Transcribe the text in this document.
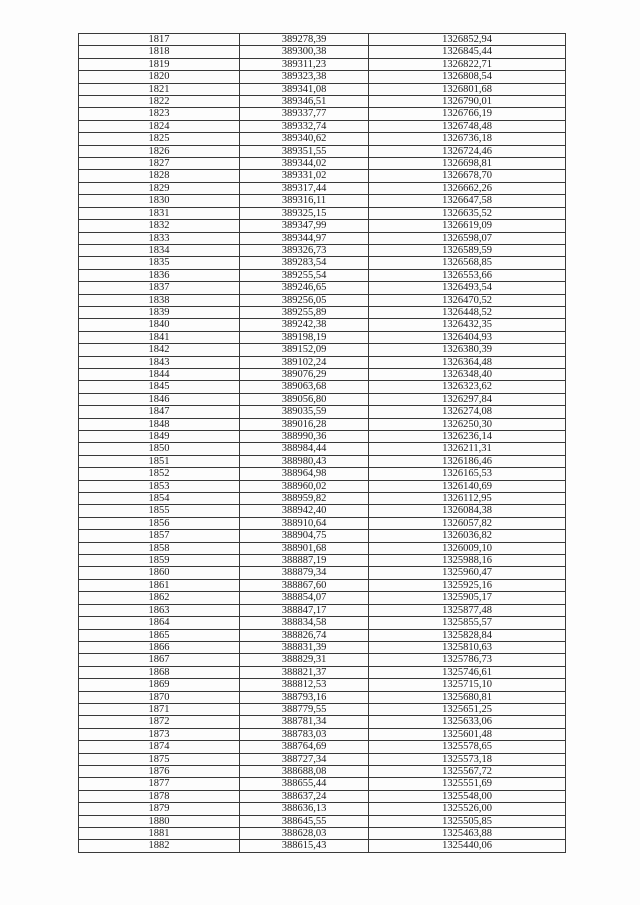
1817	389278,39	1326852,94
1818	389300,38	1326845,44
1819	389311,23	1326822,71
1820	389323,38	1326808,54
1821	389341,08	1326801,68
1822	389346,51	1326790,01
1823	389337,77	1326766,19
1824	389332,74	1326748,48
1825	389340,62	1326736,18
1826	389351,55	1326724,46
1827	389344,02	1326698,81
1828	389331,02	1326678,70
1829	389317,44	1326662,26
1830	389316,11	1326647,58
1831	389325,15	1326635,52
1832	389347,99	1326619,09
1833	389344,97	1326598,07
1834	389326,73	1326589,59
1835	389283,54	1326568,85
1836	389255,54	1326553,66
1837	389246,65	1326493,54
1838	389256,05	1326470,52
1839	389255,89	1326448,52
1840	389242,38	1326432,35
1841	389198,19	1326404,93
1842	389152,09	1326380,39
1843	389102,24	1326364,48
1844	389076,29	1326348,40
1845	389063,68	1326323,62
1846	389056,80	1326297,84
1847	389035,59	1326274,08
1848	389016,28	1326250,30
1849	388990,36	1326236,14
1850	388984,44	1326211,31
1851	388980,43	1326186,46
1852	388964,98	1326165,53
1853	388960,02	1326140,69
1854	388959,82	1326112,95
1855	388942,40	1326084,38
1856	388910,64	1326057,82
1857	388904,75	1326036,82
1858	388901,68	1326009,10
1859	388887,19	1325988,16
1860	388879,34	1325960,47
1861	388867,60	1325925,16
1862	388854,07	1325905,17
1863	388847,17	1325877,48
1864	388834,58	1325855,57
1865	388826,74	1325828,84
1866	388831,39	1325810,63
1867	388829,31	1325786,73
1868	388821,37	1325746,61
1869	388812,53	1325715,10
1870	388793,16	1325680,81
1871	388779,55	1325651,25
1872	388781,34	1325633,06
1873	388783,03	1325601,48
1874	388764,69	1325578,65
1875	388727,34	1325573,18
1876	388688,08	1325567,72
1877	388655,44	1325551,69
1878	388637,24	1325548,00
1879	388636,13	1325526,00
1880	388645,55	1325505,85
1881	388628,03	1325463,88
1882	388615,43	1325440,06
